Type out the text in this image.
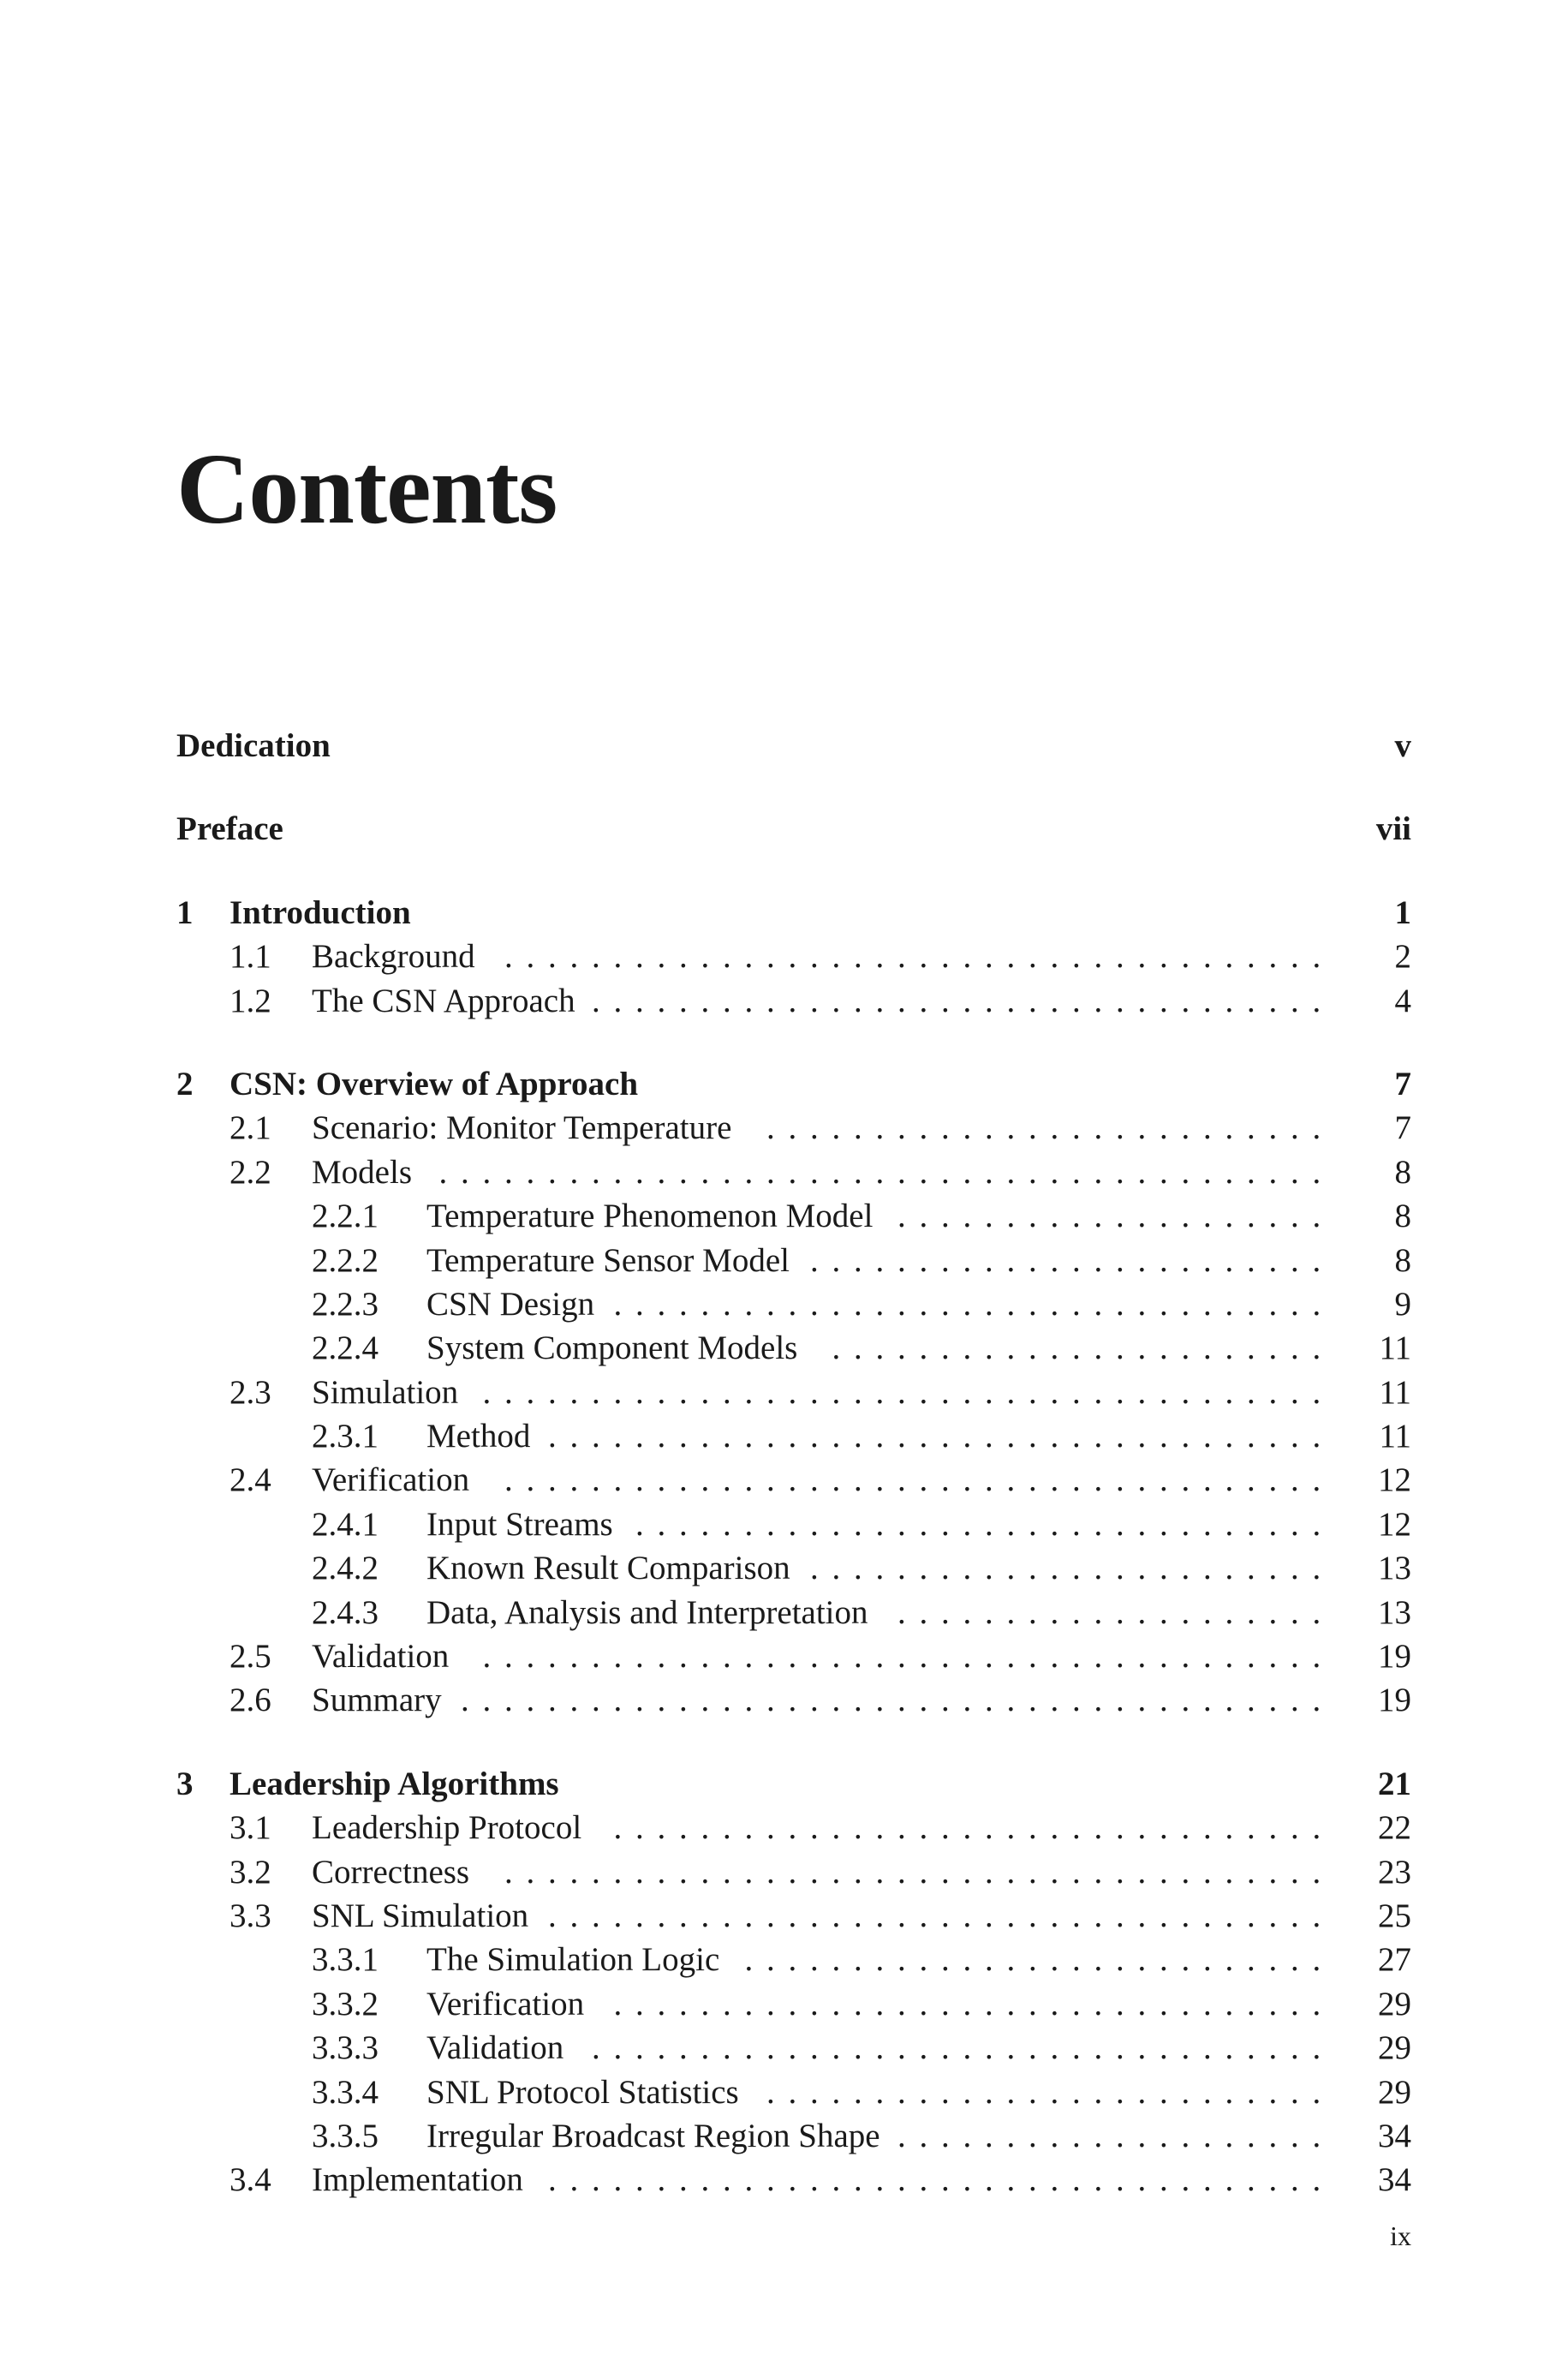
Contents
Dedication	v
Preface	vii
1 Introduction	1
1.1 Background ...................................... 2
1.2 The CSN Approach .................................. 4
2 CSN: Overview of Approach	7
2.1 Scenario: Monitor Temperature	.......................... 7
2.2 Models ......................................... 8
2.2.1 Temperature Phenomenon Model .................... 8
2.2.2 Temperature Sensor Model ........................ 8
2.2.3 CSN Design ................................. 9
2.2.4 System Component Models	....................... 11
2.3 Simulation ....................................... 11
2.3.1 Method .................................... 11
2.4 Verification	...................................... 12
2.4.1 Input Streams ................................ 12
2.4.2 Known Result Comparison ........................ 13
2.4.3 Data, Analysis and Interpretation .................... 13
2.5 Validation	....................................... 19
2.6 Summary ........................................ 19
3 Leadership Algorithms	21
3.1 Leadership Protocol ................................. 22
3.2 Correctness	...................................... 23
3.3 SNL Simulation .................................... 25
3.3.1 The Simulation Logic ........................... 27
3.3.2 Verification ................................. 29
3.3.3 Validation .................................. 29
3.3.4 SNL Protocol Statistics .......................... 29
3.3.5 Irregular Broadcast Region Shape .................... 34
3.4 Implementation .................................... 34
ix
